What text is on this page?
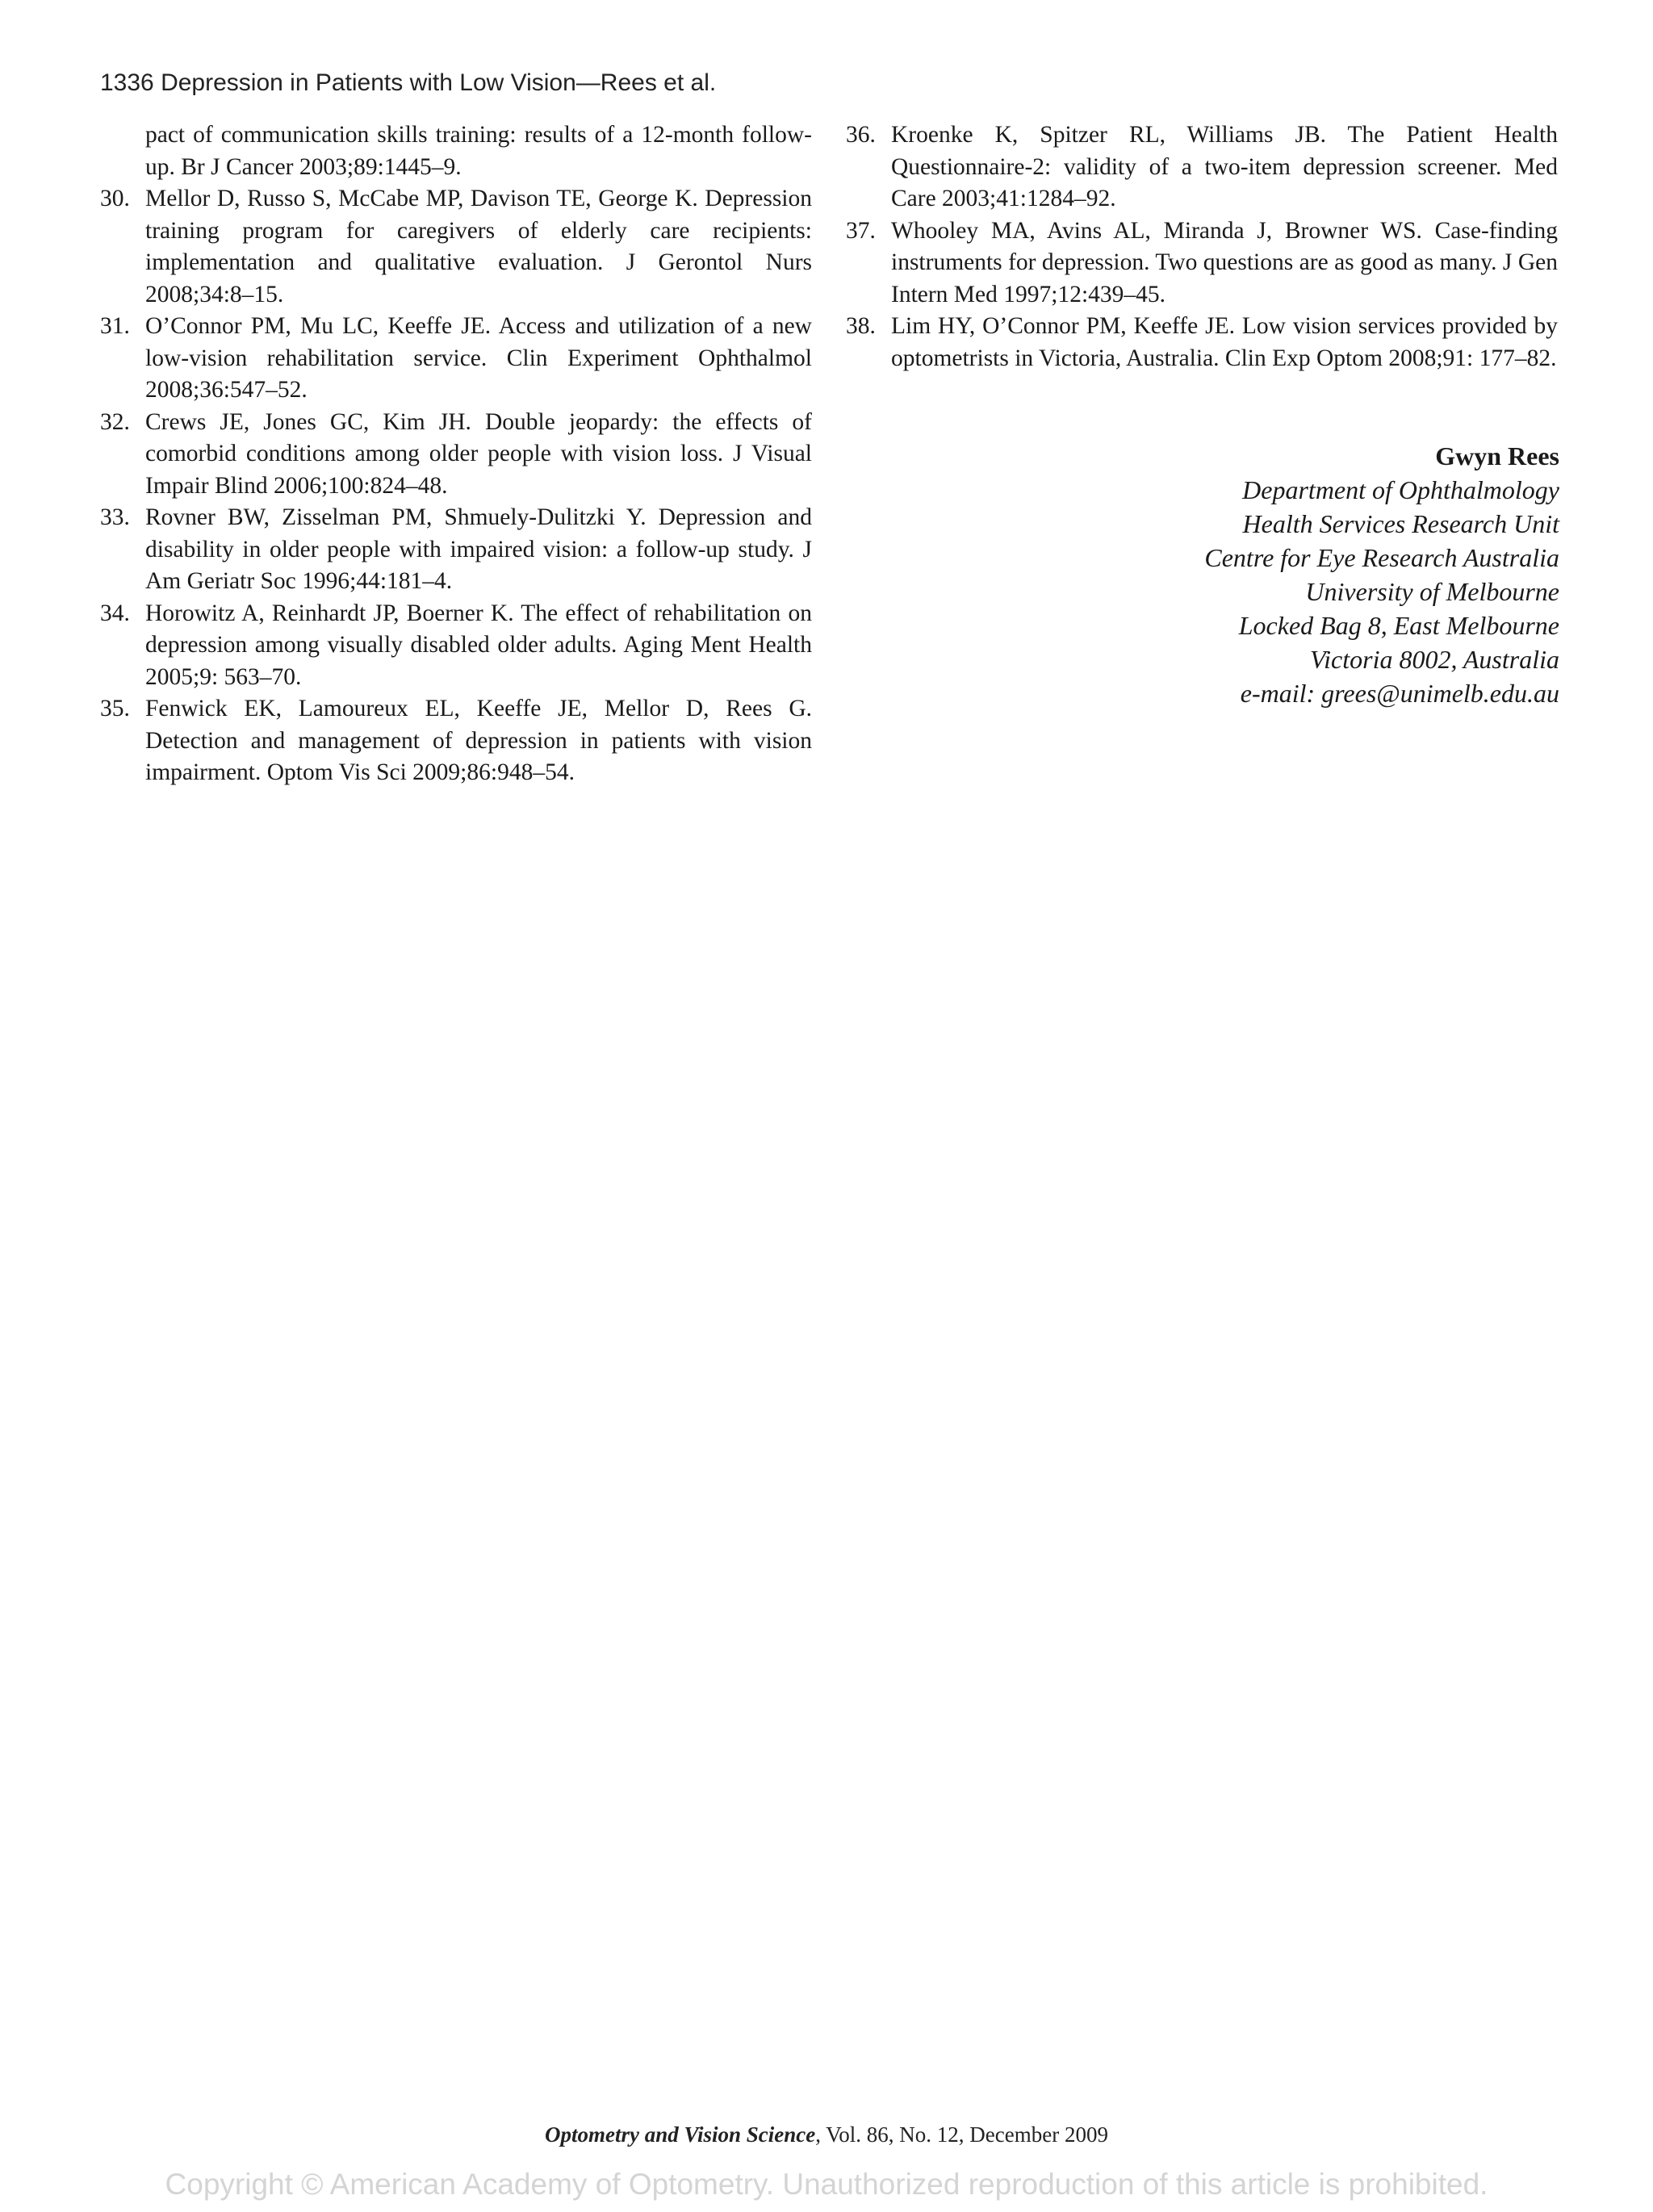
1336 Depression in Patients with Low Vision—Rees et al.
pact of communication skills training: results of a 12-month follow-up. Br J Cancer 2003;89:1445–9.
30. Mellor D, Russo S, McCabe MP, Davison TE, George K. Depression training program for caregivers of elderly care recipients: implementation and qualitative evaluation. J Gerontol Nurs 2008;34:8–15.
31. O’Connor PM, Mu LC, Keeffe JE. Access and utilization of a new low-vision rehabilitation service. Clin Experiment Ophthalmol 2008;36:547–52.
32. Crews JE, Jones GC, Kim JH. Double jeopardy: the effects of comorbid conditions among older people with vision loss. J Visual Impair Blind 2006;100:824–48.
33. Rovner BW, Zisselman PM, Shmuely-Dulitzki Y. Depression and disability in older people with impaired vision: a follow-up study. J Am Geriatr Soc 1996;44:181–4.
34. Horowitz A, Reinhardt JP, Boerner K. The effect of rehabilitation on depression among visually disabled older adults. Aging Ment Health 2005;9: 563–70.
35. Fenwick EK, Lamoureux EL, Keeffe JE, Mellor D, Rees G. Detection and management of depression in patients with vision impairment. Optom Vis Sci 2009;86:948–54.
36. Kroenke K, Spitzer RL, Williams JB. The Patient Health Questionnaire-2: validity of a two-item depression screener. Med Care 2003;41:1284–92.
37. Whooley MA, Avins AL, Miranda J, Browner WS. Case-finding instruments for depression. Two questions are as good as many. J Gen Intern Med 1997;12:439–45.
38. Lim HY, O’Connor PM, Keeffe JE. Low vision services provided by optometrists in Victoria, Australia. Clin Exp Optom 2008;91: 177–82.
Gwyn Rees
Department of Ophthalmology
Health Services Research Unit
Centre for Eye Research Australia
University of Melbourne
Locked Bag 8, East Melbourne
Victoria 8002, Australia
e-mail: grees@unimelb.edu.au
Optometry and Vision Science, Vol. 86, No. 12, December 2009
Copyright © American Academy of Optometry. Unauthorized reproduction of this article is prohibited.
